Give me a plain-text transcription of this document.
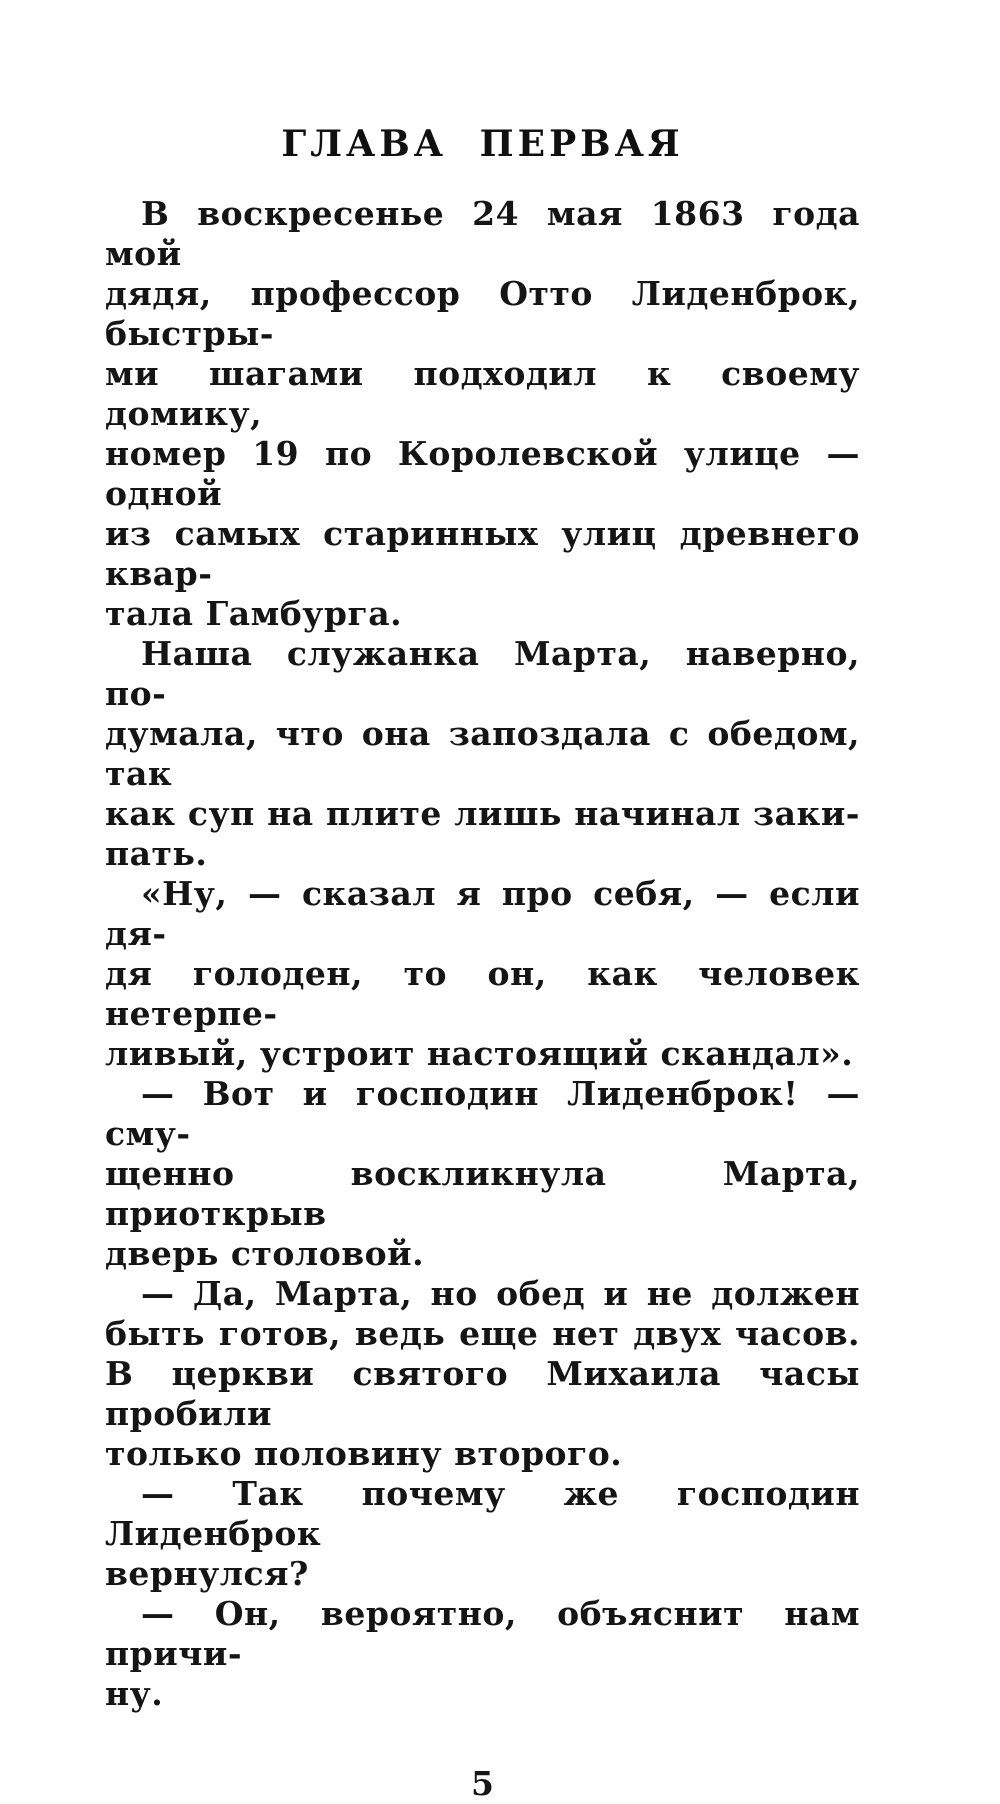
ГЛАВА ПЕРВАЯ
В воскресенье 24 мая 1863 года мой
дядя, профессор Отто Лиденброк, быстры-
ми шагами подходил к своему домику,
номер 19 по Королевской улице — одной
из самых старинных улиц древнего квар-
тала Гамбурга.
Наша служанка Марта, наверно, по-
думала, что она запоздала с обедом, так
как суп на плите лишь начинал заки-
пать.
«Ну, — сказал я про себя, — если дя-
дя голоден, то он, как человек нетерпе-
ливый, устроит настоящий скандал».
— Вот и господин Лиденброк! — сму-
щенно воскликнула Марта, приоткрыв
дверь столовой.
— Да, Марта, но обед и не должен
быть готов, ведь еще нет двух часов.
В церкви святого Михаила часы пробили
только половину второго.
— Так почему же господин Лиденброк
вернулся?
— Он, вероятно, объяснит нам причи-
ну.
5
